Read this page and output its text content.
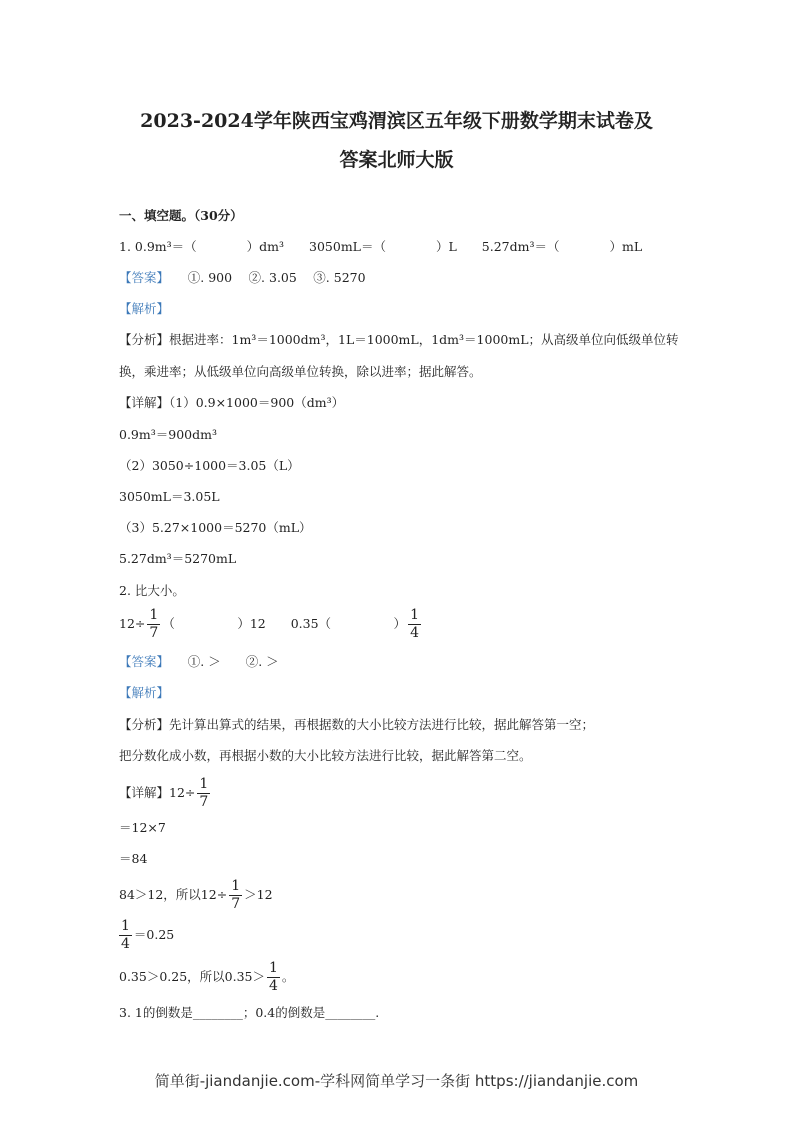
2023-2024学年陕西宝鸡渭滨区五年级下册数学期末试卷及
答案北师大版
一、填空题。（30分）
1. 0.9m³＝（　　　　）dm³　　3050mL＝（　　　　）L　　5.27dm³＝（　　　　）mL
【答案】　　 ①. 900　 ②. 3.05　 ③. 5270
【解析】
【分析】根据进率：1m³＝1000dm³，1L＝1000mL，1dm³＝1000mL；从高级单位向低级单位转
换，乘进率；从低级单位向高级单位转换，除以进率；据此解答。
【详解】（1）0.9×1000＝900（dm³）
0.9m³＝900dm³
（2）3050÷1000＝3.05（L）
3050mL＝3.05L
（3）5.27×1000＝5270（mL）
5.27dm³＝5270mL
2. 比大小。
$12\div \frac{1}{7}$ （　　　　　）12　　0.35（　　　　　） $\frac{1}{4}$
【答案】　　 ①. ＞　　②. ＞
【解析】
【分析】先计算出算式的结果，再根据数的大小比较方法进行比较，据此解答第一空；
把分数化成小数，再根据小数的大小比较方法进行比较，据此解答第二空。
【详解】$12\div \frac{1}{7}$
＝12×7
＝84
84＞12，所以$12\div \frac{1}{7} >12$
$\frac{1}{4} =0.25$
0.35＞0.25，所以$0.35> \frac{1}{4}$ 。
3. 1的倒数是________；0.4的倒数是________.
简单街-jiandanjie.com-学科网简单学习一条街 https://jiandanjie.com
